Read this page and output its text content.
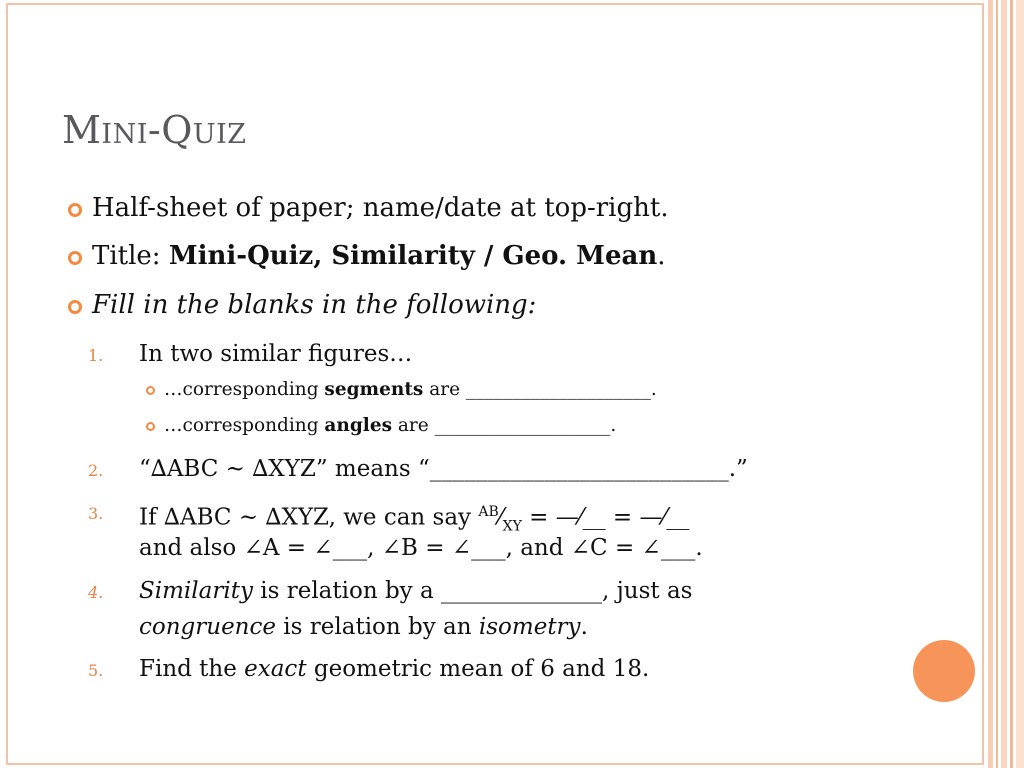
Mini-Quiz
Half-sheet of paper; name/date at top-right.
Title: Mini-Quiz, Similarity / Geo. Mean.
Fill in the blanks in the following:
1. In two similar figures…
…corresponding segments are ____________________.
…corresponding angles are ___________________.
2. “∆ABC ~ ∆XYZ” means “__________________________.”
3. If ∆ABC ~ ∆XYZ, we can say $^{AB}⁄_{XY}$ = —⁄__ = —⁄__
and also ∠A = ∠___, ∠B = ∠___, and ∠C = ∠___.
4. Similarity is relation by a ______________, just as
congruence is relation by an isometry.
5. Find the exact geometric mean of 6 and 18.
